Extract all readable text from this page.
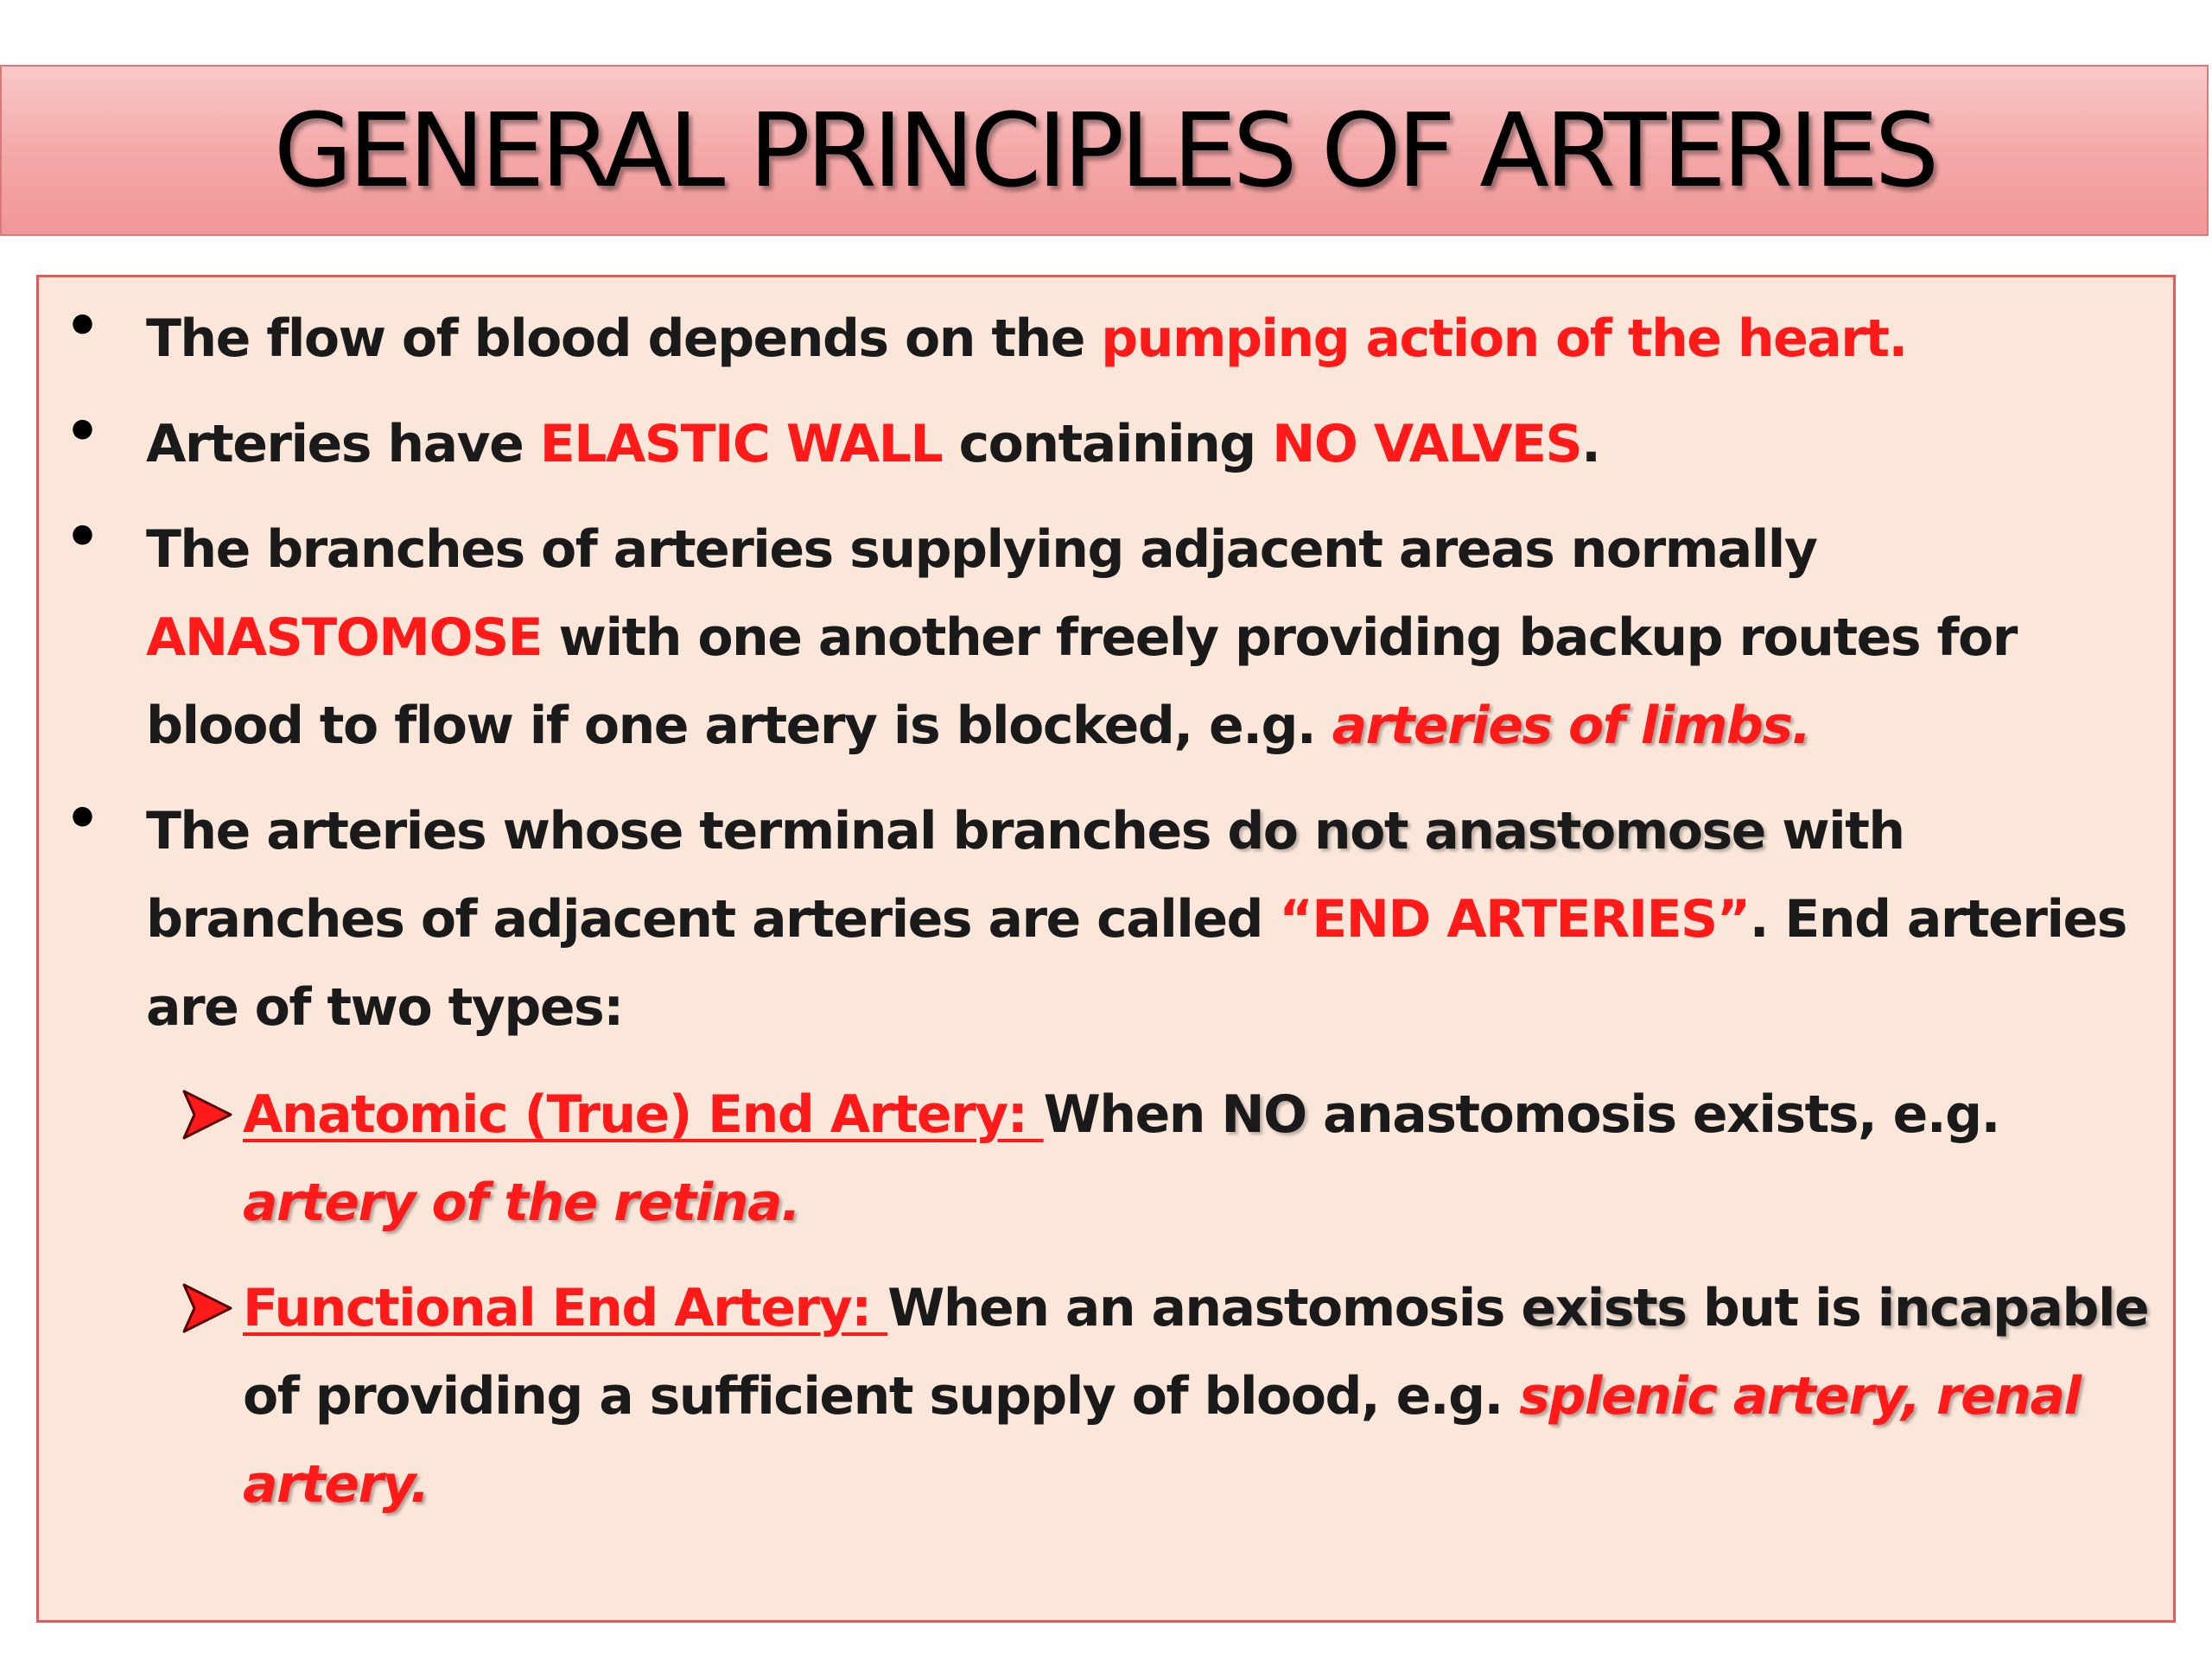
GENERAL PRINCIPLES OF ARTERIES
• The flow of blood depends on the pumping action of the heart.

• Arteries have ELASTIC WALL containing NO VALVES.

• The branches of arteries supplying adjacent areas normally ANASTOMOSE with one another freely providing backup routes for blood to flow if one artery is blocked, e.g. arteries of limbs.

• The arteries whose terminal branches do not anastomose with branches of adjacent arteries are called “END ARTERIES”. End arteries are of two types:

Anatomic (True) End Artery: When NO anastomosis exists, e.g. artery of the retina.

Functional End Artery: When an anastomosis exists but is incapable of providing a sufficient supply of blood, e.g. splenic artery, renal artery.
